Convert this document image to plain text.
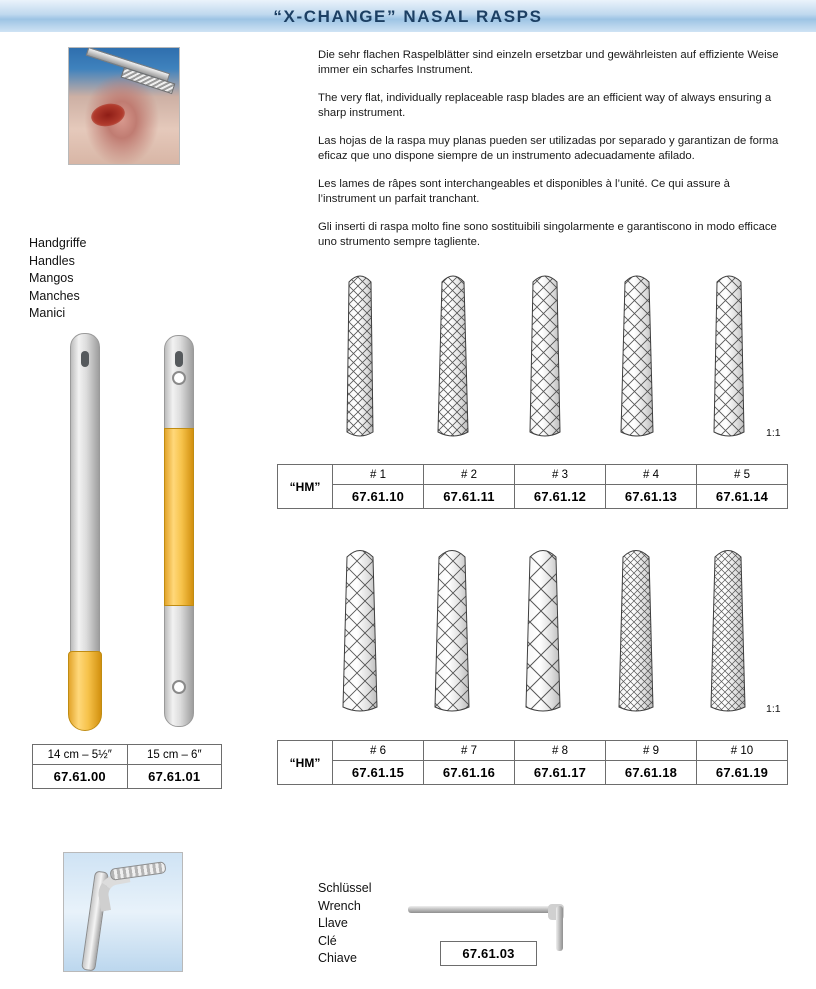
“X-CHANGE” NASAL RASPS

Die sehr flachen Raspelblätter sind einzeln ersetzbar und gewährleisten auf effiziente Weise immer ein scharfes Instrument.

The very flat, individually replaceable rasp blades are an efficient way of always ensuring a sharp instrument.

Las hojas de la raspa muy planas pueden ser utilizadas por separado y garantizan de forma eficaz que uno dispone siempre de un instrumento adecuadamente afilado.

Les lames de râpes sont interchangeables et disponibles à l’unité. Ce qui assure à l’instrument un parfait tranchant.

Gli inserti di raspa molto fine sono sostituibili singolarmente e garantiscono in modo efficace uno strumento sempre tagliente.

Handgriffe
Handles
Mangos
Manches
Manici
14 cm – 5½″	15 cm – 6″
67.61.00	67.61.01
1:1
“HM”	# 1	# 2	# 3	# 4	# 5
	67.61.10	67.61.11	67.61.12	67.61.13	67.61.14
1:1
“HM”	# 6	# 7	# 8	# 9	# 10
	67.61.15	67.61.16	67.61.17	67.61.18	67.61.19
Schlüssel
Wrench
Llave
Clé
Chiave	67.61.03
